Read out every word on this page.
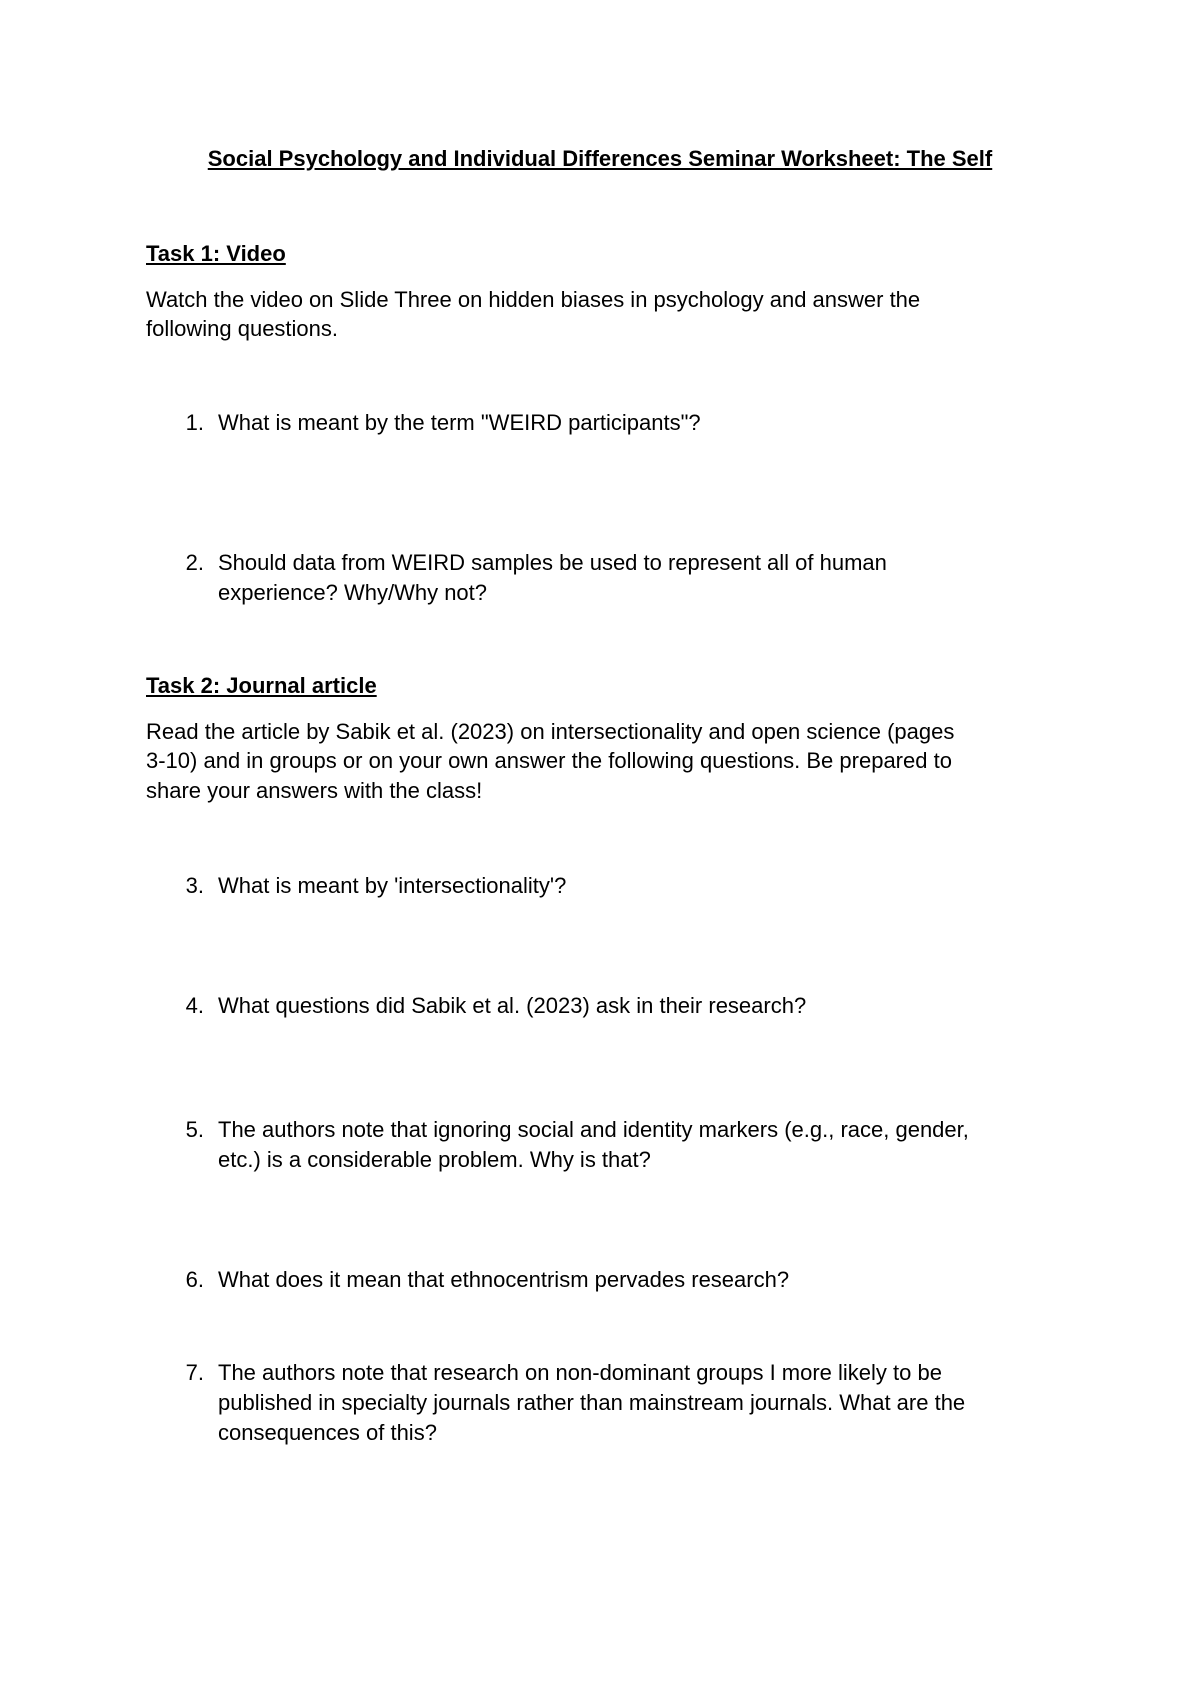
Social Psychology and Individual Differences Seminar Worksheet: The Self
Task 1: Video
Watch the video on Slide Three on hidden biases in psychology and answer the
following questions.
1. What is meant by the term "WEIRD participants"?
2. Should data from WEIRD samples be used to represent all of human
experience? Why/Why not?
Task 2: Journal article
Read the article by Sabik et al. (2023) on intersectionality and open science (pages
3-10) and in groups or on your own answer the following questions. Be prepared to
share your answers with the class!
3. What is meant by 'intersectionality'?
4. What questions did Sabik et al. (2023) ask in their research?
5. The authors note that ignoring social and identity markers (e.g., race, gender,
etc.) is a considerable problem. Why is that?
6. What does it mean that ethnocentrism pervades research?
7. The authors note that research on non-dominant groups I more likely to be
published in specialty journals rather than mainstream journals. What are the
consequences of this?
